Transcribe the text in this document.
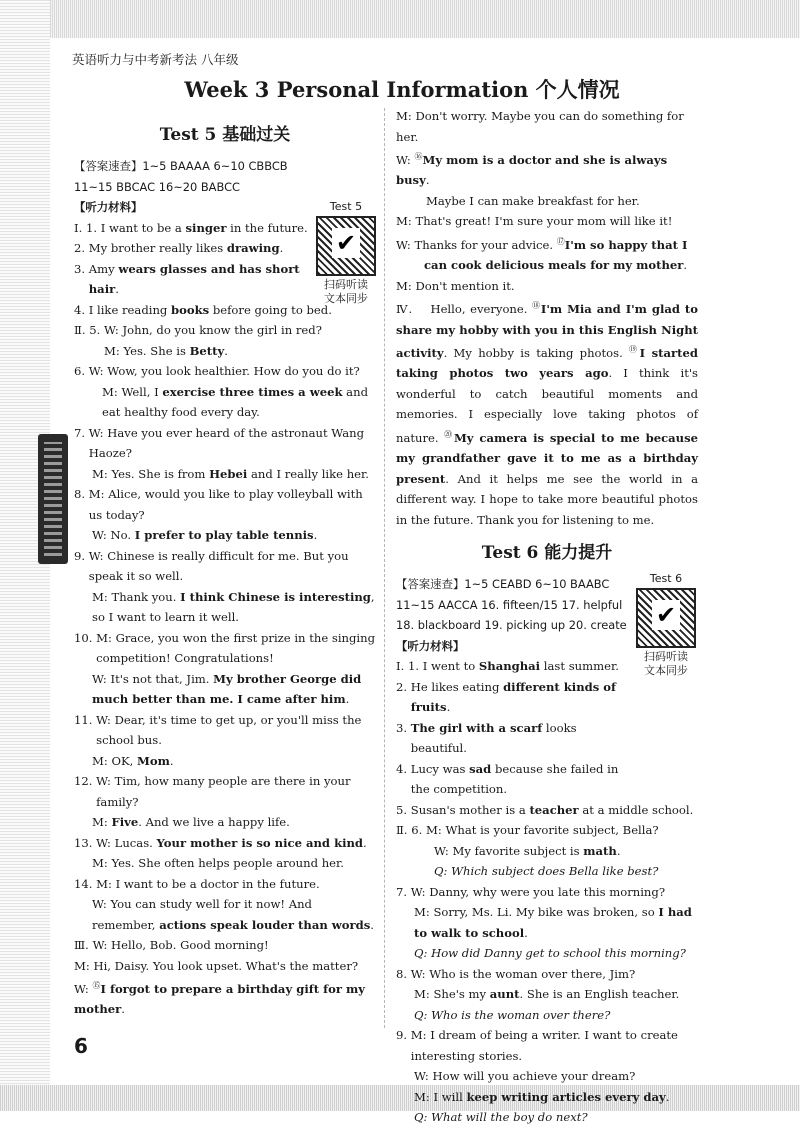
英语听力与中考新考法 八年级
Week 3 Personal Information 个人情况
Test 5 基础过关
【答案速查】1~5 BAAAA 6~10 CBBCB
11~15 BBCAC 16~20 BABCC
【听力材料】
Ⅰ. 1. I want to be a singer in the future.
2. My brother really likes drawing.
3. Amy wears glasses and has short
hair.
4. I like reading books before going to bed.
Ⅱ. 5. W: John, do you know the girl in red?
M: Yes. She is Betty.
6. W: Wow, you look healthier. How do you do it?
M: Well, I exercise three times a week and eat healthy food every day.
7. W: Have you ever heard of the astronaut Wang Haoze?
M: Yes. She is from Hebei and I really like her.
8. M: Alice, would you like to play volleyball with us today?
W: No. I prefer to play table tennis.
9. W: Chinese is really difficult for me. But you speak it so well.
M: Thank you. I think Chinese is interesting, so I want to learn it well.
10. M: Grace, you won the first prize in the singing competition! Congratulations!
W: It's not that, Jim. My brother George did much better than me. I came after him.
11. W: Dear, it's time to get up, or you'll miss the school bus.
M: OK, Mom.
12. W: Tim, how many people are there in your family?
M: Five. And we live a happy life.
13. W: Lucas. Your mother is so nice and kind.
M: Yes. She often helps people around her.
14. M: I want to be a doctor in the future.
W: You can study well for it now! And remember, actions speak louder than words.
Ⅲ. W: Hello, Bob. Good morning!
M: Hi, Daisy. You look upset. What's the matter?
W: ⑮I forgot to prepare a birthday gift for my mother.
Test 5
✔
扫码听读
文本同步
M: Don't worry. Maybe you can do something for her.
W: ⑯My mom is a doctor and she is always busy.
Maybe I can make breakfast for her.
M: That's great! I'm sure your mom will like it!
W: Thanks for your advice. ⑰I'm so happy that I can cook delicious meals for my mother.
M: Don't mention it.
Ⅳ.    Hello, everyone. ⑱I'm Mia and I'm glad to share my hobby with you in this English Night activity. My hobby is taking photos. ⑲I started taking photos two years ago. I think it's wonderful to catch beautiful moments and memories. I especially love taking photos of nature. ⑳My camera is special to me because my grandfather gave it to me as a birthday present. And it helps me see the world in a different way. I hope to take more beautiful photos in the future. Thank you for listening to me.
Test 6 能力提升
【答案速查】1~5 CEABD 6~10 BAABC
11~15 AACCA 16. fifteen/15 17. helpful
18. blackboard 19. picking up 20. create
【听力材料】
Ⅰ. 1. I went to Shanghai last summer.
2. He likes eating different kinds of fruits.
3. The girl with a scarf looks beautiful.
4. Lucy was sad because she failed in the competition.
5. Susan's mother is a teacher at a middle school.
Ⅱ. 6. M: What is your favorite subject, Bella?
W: My favorite subject is math.
Q: Which subject does Bella like best?
7. W: Danny, why were you late this morning?
M: Sorry, Ms. Li. My bike was broken, so I had to walk to school.
Q: How did Danny get to school this morning?
8. W: Who is the woman over there, Jim?
M: She's my aunt. She is an English teacher.
Q: Who is the woman over there?
9. M: I dream of being a writer. I want to create interesting stories.
W: How will you achieve your dream?
M: I will keep writing articles every day.
Q: What will the boy do next?
Test 6
✔
扫码听读
文本同步
6
